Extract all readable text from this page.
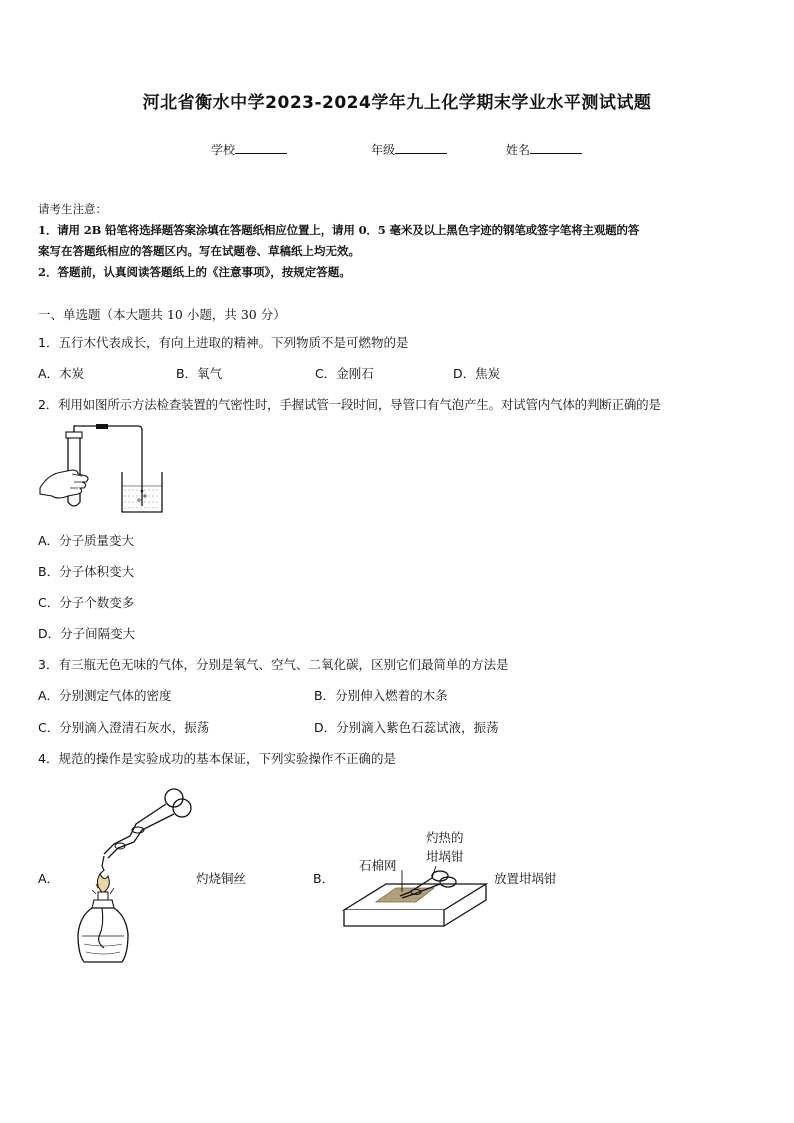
河北省衡水中学2023-2024学年九上化学期末学业水平测试试题
学校	年级	姓名
请考生注意：
1．请用 2B 铅笔将选择题答案涂填在答题纸相应位置上，请用 0．5 毫米及以上黑色字迹的钢笔或签字笔将主观题的答
案写在答题纸相应的答题区内。写在试题卷、草稿纸上均无效。
2．答题前，认真阅读答题纸上的《注意事项》，按规定答题。
一、单选题（本大题共 10 小题，共 30 分）
1．五行木代表成长，有向上进取的精神。下列物质不是可燃物的是
A．木炭	B．氧气	C．金刚石	D．焦炭
2．利用如图所示方法检查装置的气密性时，手握试管一段时间，导管口有气泡产生。对试管内气体的判断正确的是
A．分子质量变大
B．分子体积变大
C．分子个数变多
D．分子间隔变大
3．有三瓶无色无味的气体，分别是氧气、空气、二氧化碳，区别它们最简单的方法是
A．分别测定气体的密度	B．分别伸入燃着的木条
C．分别滴入澄清石灰水，振荡	D．分别滴入紫色石蕊试液，振荡
4．规范的操作是实验成功的基本保证，下列实验操作不正确的是
A．	灼烧铜丝	B．
灼热的
坩埚钳
石棉网
放置坩埚钳
